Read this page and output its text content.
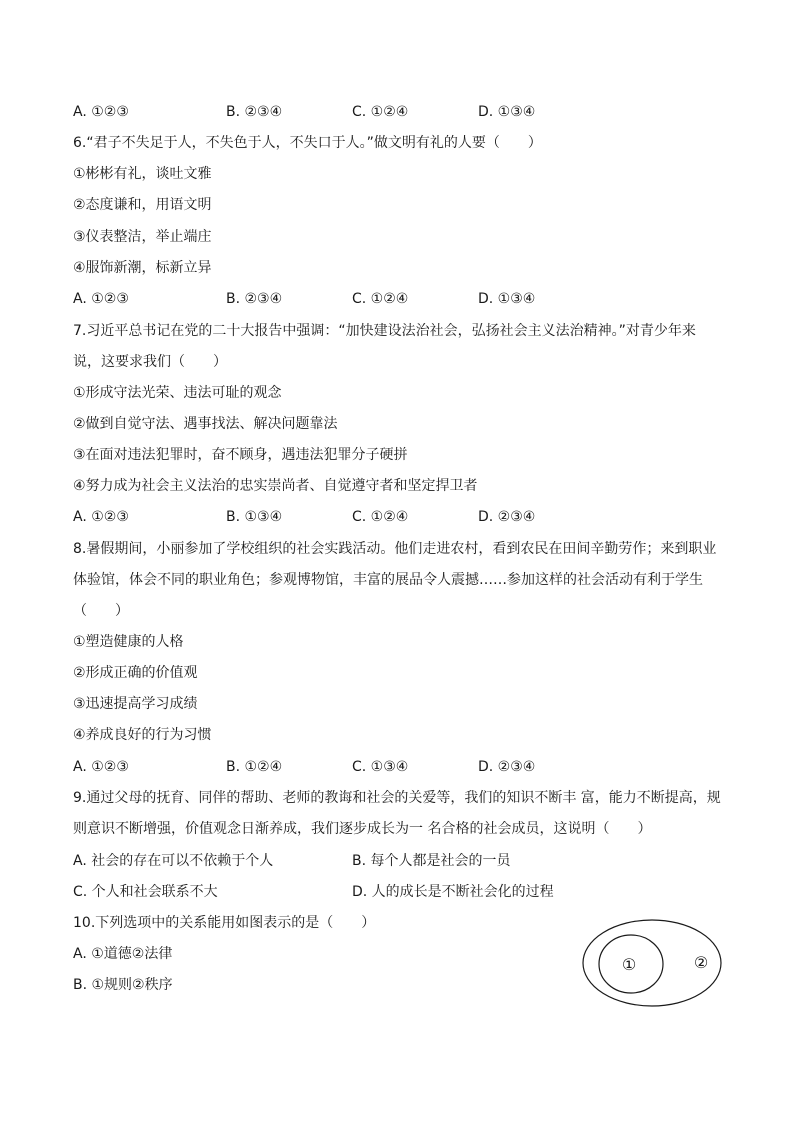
A. ①②③	B. ②③④	C. ①②④	D. ①③④
6.“君子不失足于人，不失色于人，不失口于人。”做文明有礼的人要（　　）
①彬彬有礼，谈吐文雅
②态度谦和，用语文明
③仪表整洁，举止端庄
④服饰新潮，标新立异
A. ①②③	B. ②③④	C. ①②④	D. ①③④
7.习近平总书记在党的二十大报告中强调：“加快建设法治社会，弘扬社会主义法治精神。”对青少年来
说，这要求我们（　　）
①形成守法光荣、违法可耻的观念
②做到自觉守法、遇事找法、解决问题靠法
③在面对违法犯罪时，奋不顾身，遇违法犯罪分子硬拼
④努力成为社会主义法治的忠实崇尚者、自觉遵守者和坚定捍卫者
A. ①②③	B. ①③④	C. ①②④	D. ②③④
8.暑假期间，小丽参加了学校组织的社会实践活动。他们走进农村，看到农民在田间辛勤劳作；来到职业
体验馆，体会不同的职业角色；参观博物馆，丰富的展品令人震撼……参加这样的社会活动有利于学生
（　　）
①塑造健康的人格
②形成正确的价值观
③迅速提高学习成绩
④养成良好的行为习惯
A. ①②③	B. ①②④	C. ①③④	D. ②③④
9.通过父母的抚育、同伴的帮助、老师的教诲和社会的关爱等，我们的知识不断丰 富，能力不断提高，规
则意识不断增强，价值观念日渐养成，我们逐步成长为一 名合格的社会成员，这说明（　　）
A. 社会的存在可以不依赖于个人	B. 每个人都是社会的一员
C. 个人和社会联系不大	D. 人的成长是不断社会化的过程
10.下列选项中的关系能用如图表示的是（　　）
A. ①道德②法律
B. ①规则②秩序
①	②
